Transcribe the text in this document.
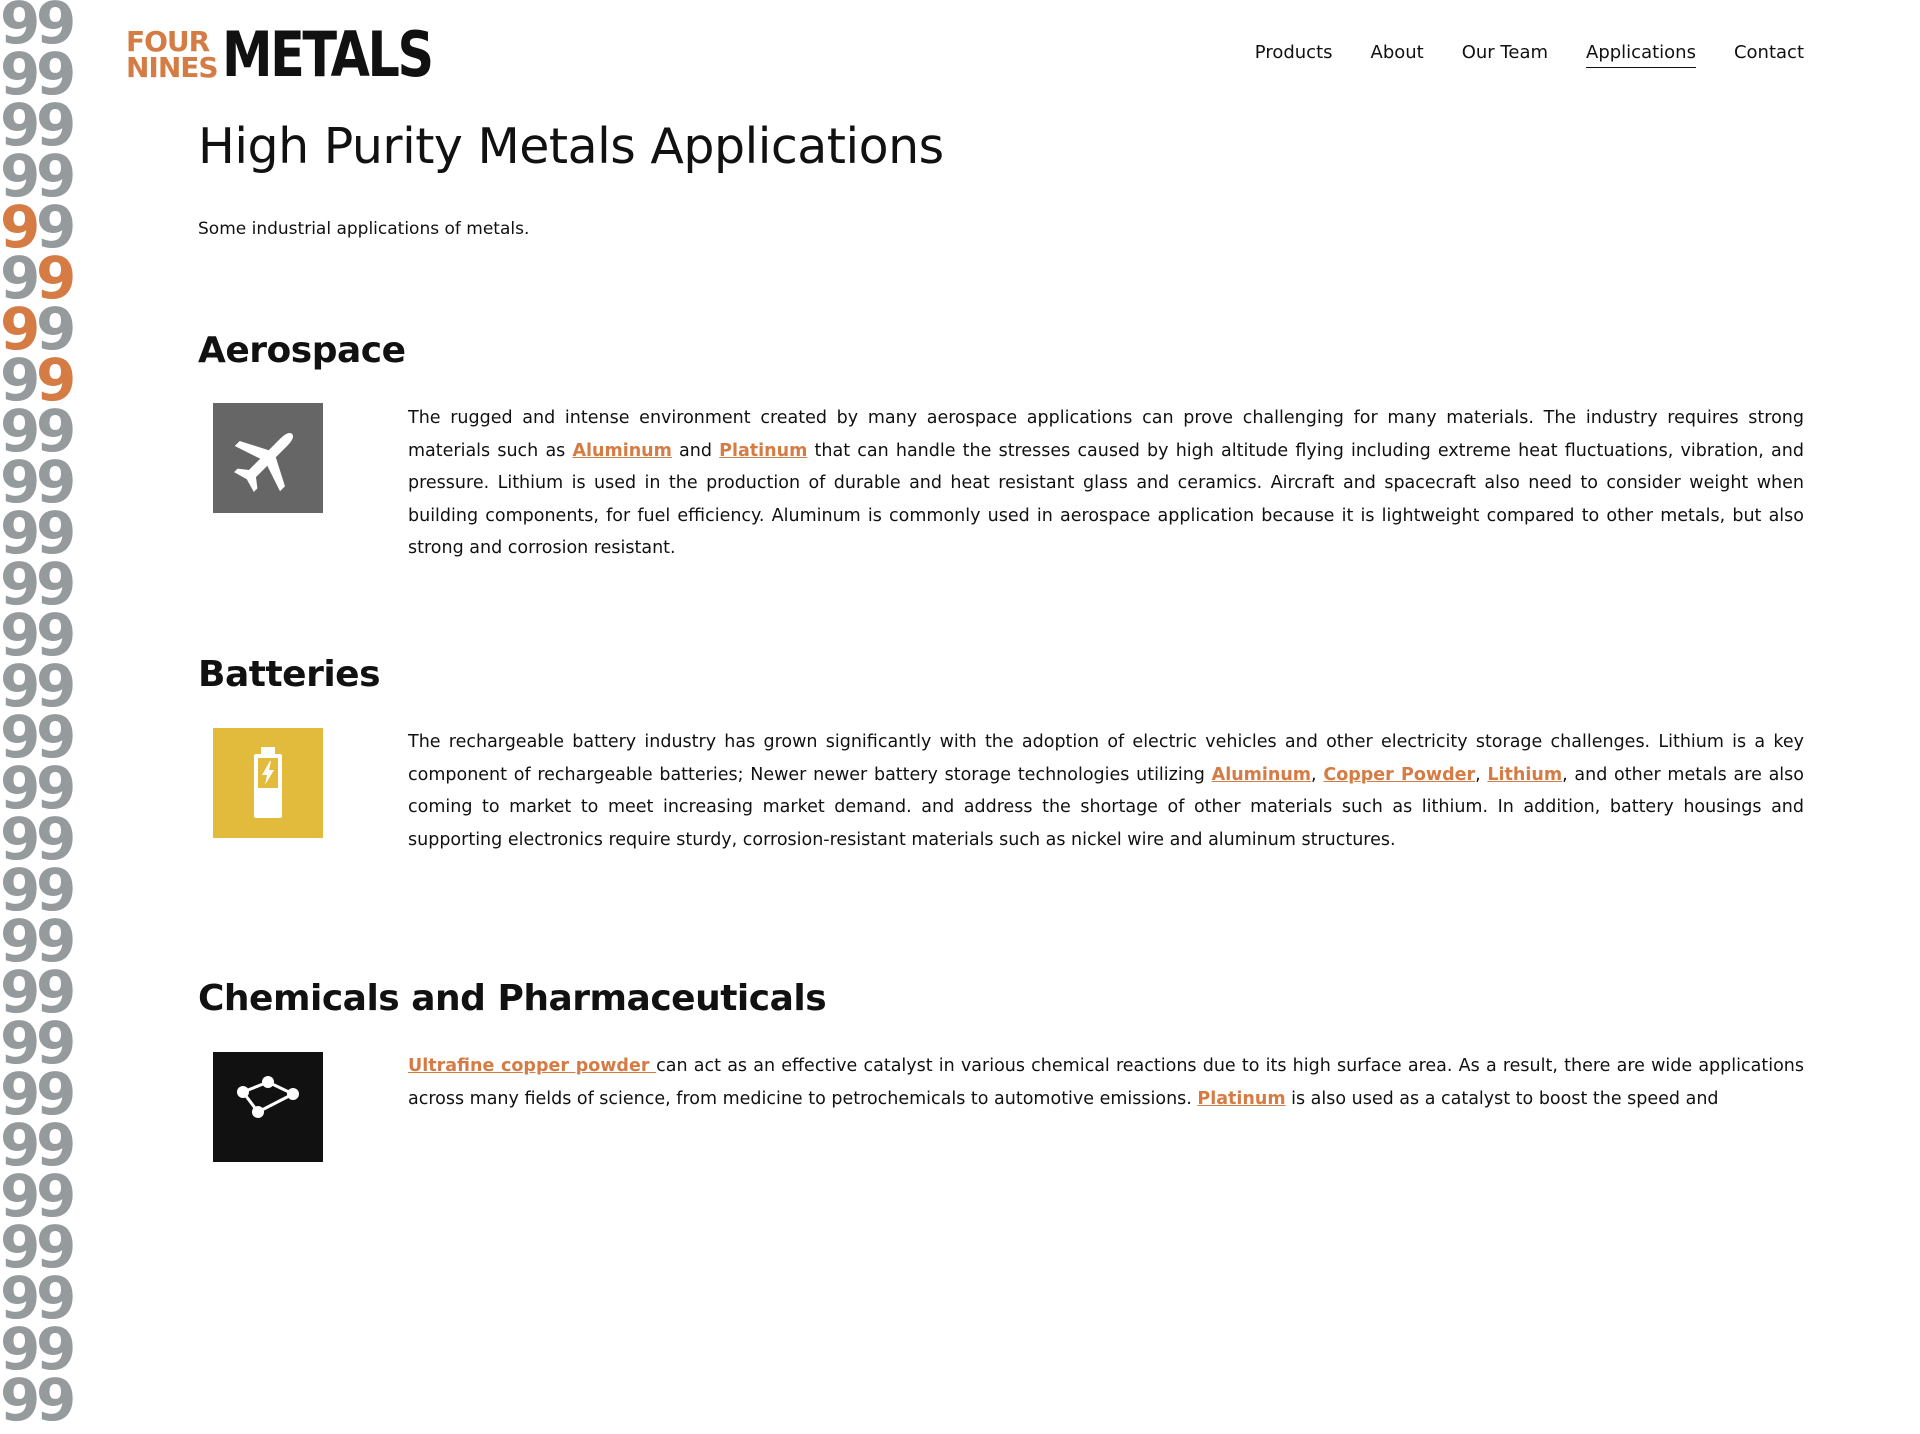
9
9
9
9
9
9
9
9
9
9
9
9
9
9
9
9
9
9
9
9
9
9
9
9
9
9
9
9
9
9
9
9
9
9
9
9
9
9
9
9
9
9
9
9
9
9
9
9
9
9
9
9
9
9
9
9
FOUR
NINES METALS	Products About Our Team Applications Contact
High Purity Metals Applications

Some industrial applications of metals.

Aerospace

The rugged and intense environment created by many aerospace applications can prove challenging for many materials. The industry requires strong materials such as Aluminum and Platinum that can handle the stresses caused by high altitude flying including extreme heat fluctuations, vibration, and pressure. Lithium is used in the production of durable and heat resistant glass and ceramics. Aircraft and spacecraft also need to consider weight when building components, for fuel efficiency. Aluminum is commonly used in aerospace application because it is lightweight compared to other metals, but also strong and corrosion resistant.

Batteries

The rechargeable battery industry has grown significantly with the adoption of electric vehicles and other electricity storage challenges. Lithium is a key component of rechargeable batteries; Newer newer battery storage technologies utilizing Aluminum, Copper Powder, Lithium, and other metals are also coming to market to meet increasing market demand. and address the shortage of other materials such as lithium. In addition, battery housings and supporting electronics require sturdy, corrosion-resistant materials such as nickel wire and aluminum structures.

Chemicals and Pharmaceuticals

Ultrafine copper powder can act as an effective catalyst in various chemical reactions due to its high surface area. As a result, there are wide applications across many fields of science, from medicine to petrochemicals to automotive emissions. Platinum is also used as a catalyst to boost the speed and
